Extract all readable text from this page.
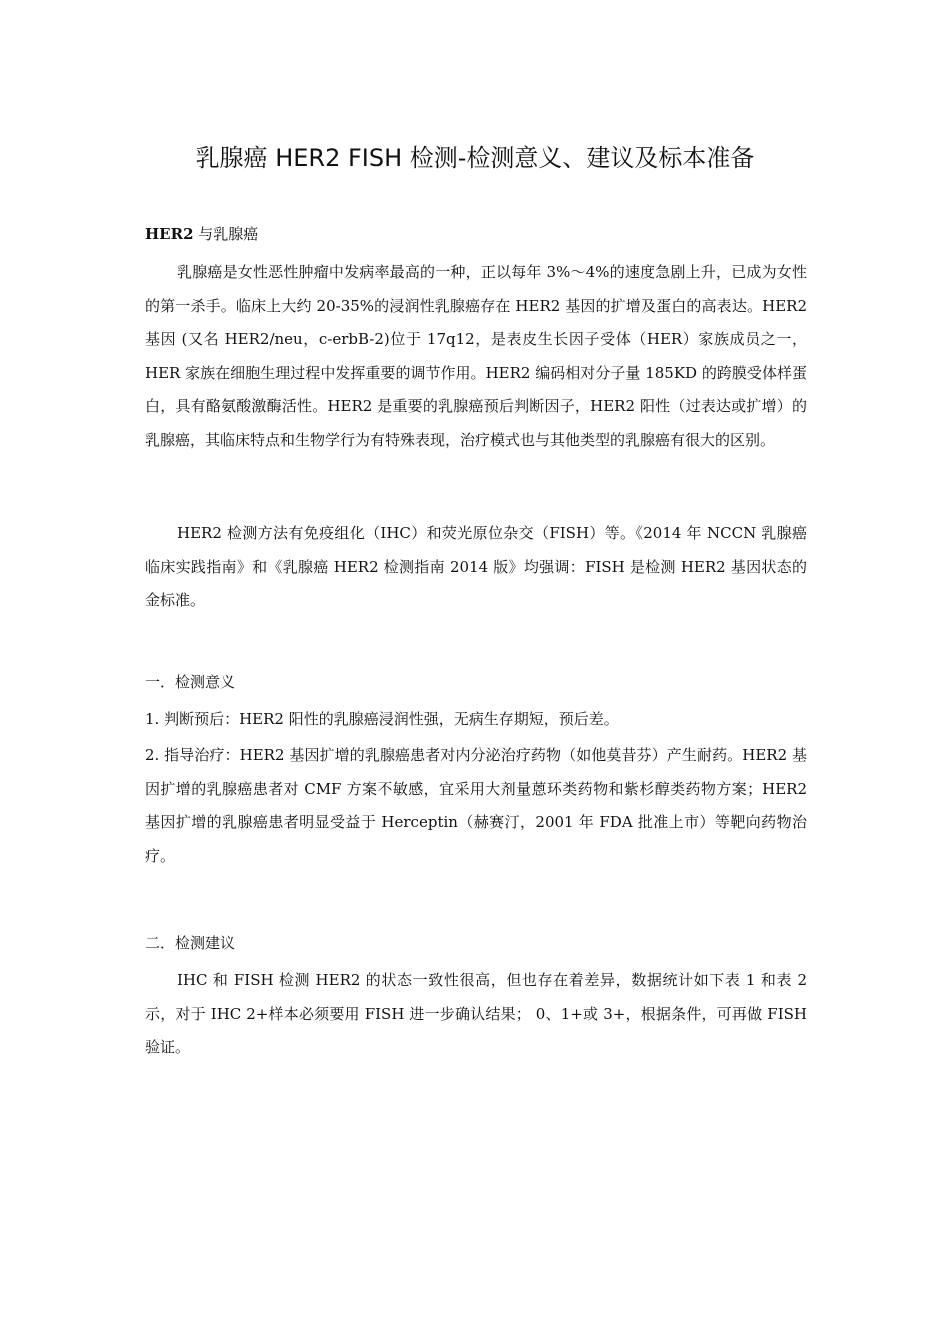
乳腺癌 HER2 FISH 检测-检测意义、建议及标本准备
HER2 与乳腺癌

乳腺癌是女性恶性肿瘤中发病率最高的一种，正以每年 3%～4%的速度急剧上升，已成为女性的第一杀手。临床上大约 20-35%的浸润性乳腺癌存在 HER2 基因的扩增及蛋白的高表达。HER2 基因 (又名 HER2/neu，c-erbB-2)位于 17q12，是表皮生长因子受体（HER）家族成员之一，HER 家族在细胞生理过程中发挥重要的调节作用。HER2 编码相对分子量 185KD 的跨膜受体样蛋白，具有酪氨酸激酶活性。HER2 是重要的乳腺癌预后判断因子，HER2 阳性（过表达或扩增）的乳腺癌，其临床特点和生物学行为有特殊表现，治疗模式也与其他类型的乳腺癌有很大的区别。

HER2 检测方法有免疫组化（IHC）和荧光原位杂交（FISH）等。《2014 年 NCCN 乳腺癌临床实践指南》和《乳腺癌 HER2 检测指南 2014 版》均强调：FISH 是检测 HER2 基因状态的金标准。

一．检测意义

1. 判断预后：HER2 阳性的乳腺癌浸润性强，无病生存期短，预后差。

2. 指导治疗：HER2 基因扩增的乳腺癌患者对内分泌治疗药物（如他莫昔芬）产生耐药。HER2 基因扩增的乳腺癌患者对 CMF 方案不敏感，宜采用大剂量蒽环类药物和紫杉醇类药物方案；HER2 基因扩增的乳腺癌患者明显受益于 Herceptin（赫赛汀，2001 年 FDA 批准上市）等靶向药物治疗。

二．检测建议

IHC 和 FISH 检测 HER2 的状态一致性很高，但也存在着差异，数据统计如下表 1 和表 2 示，对于 IHC 2+样本必须要用 FISH 进一步确认结果； 0、1+或 3+，根据条件，可再做 FISH 验证。
